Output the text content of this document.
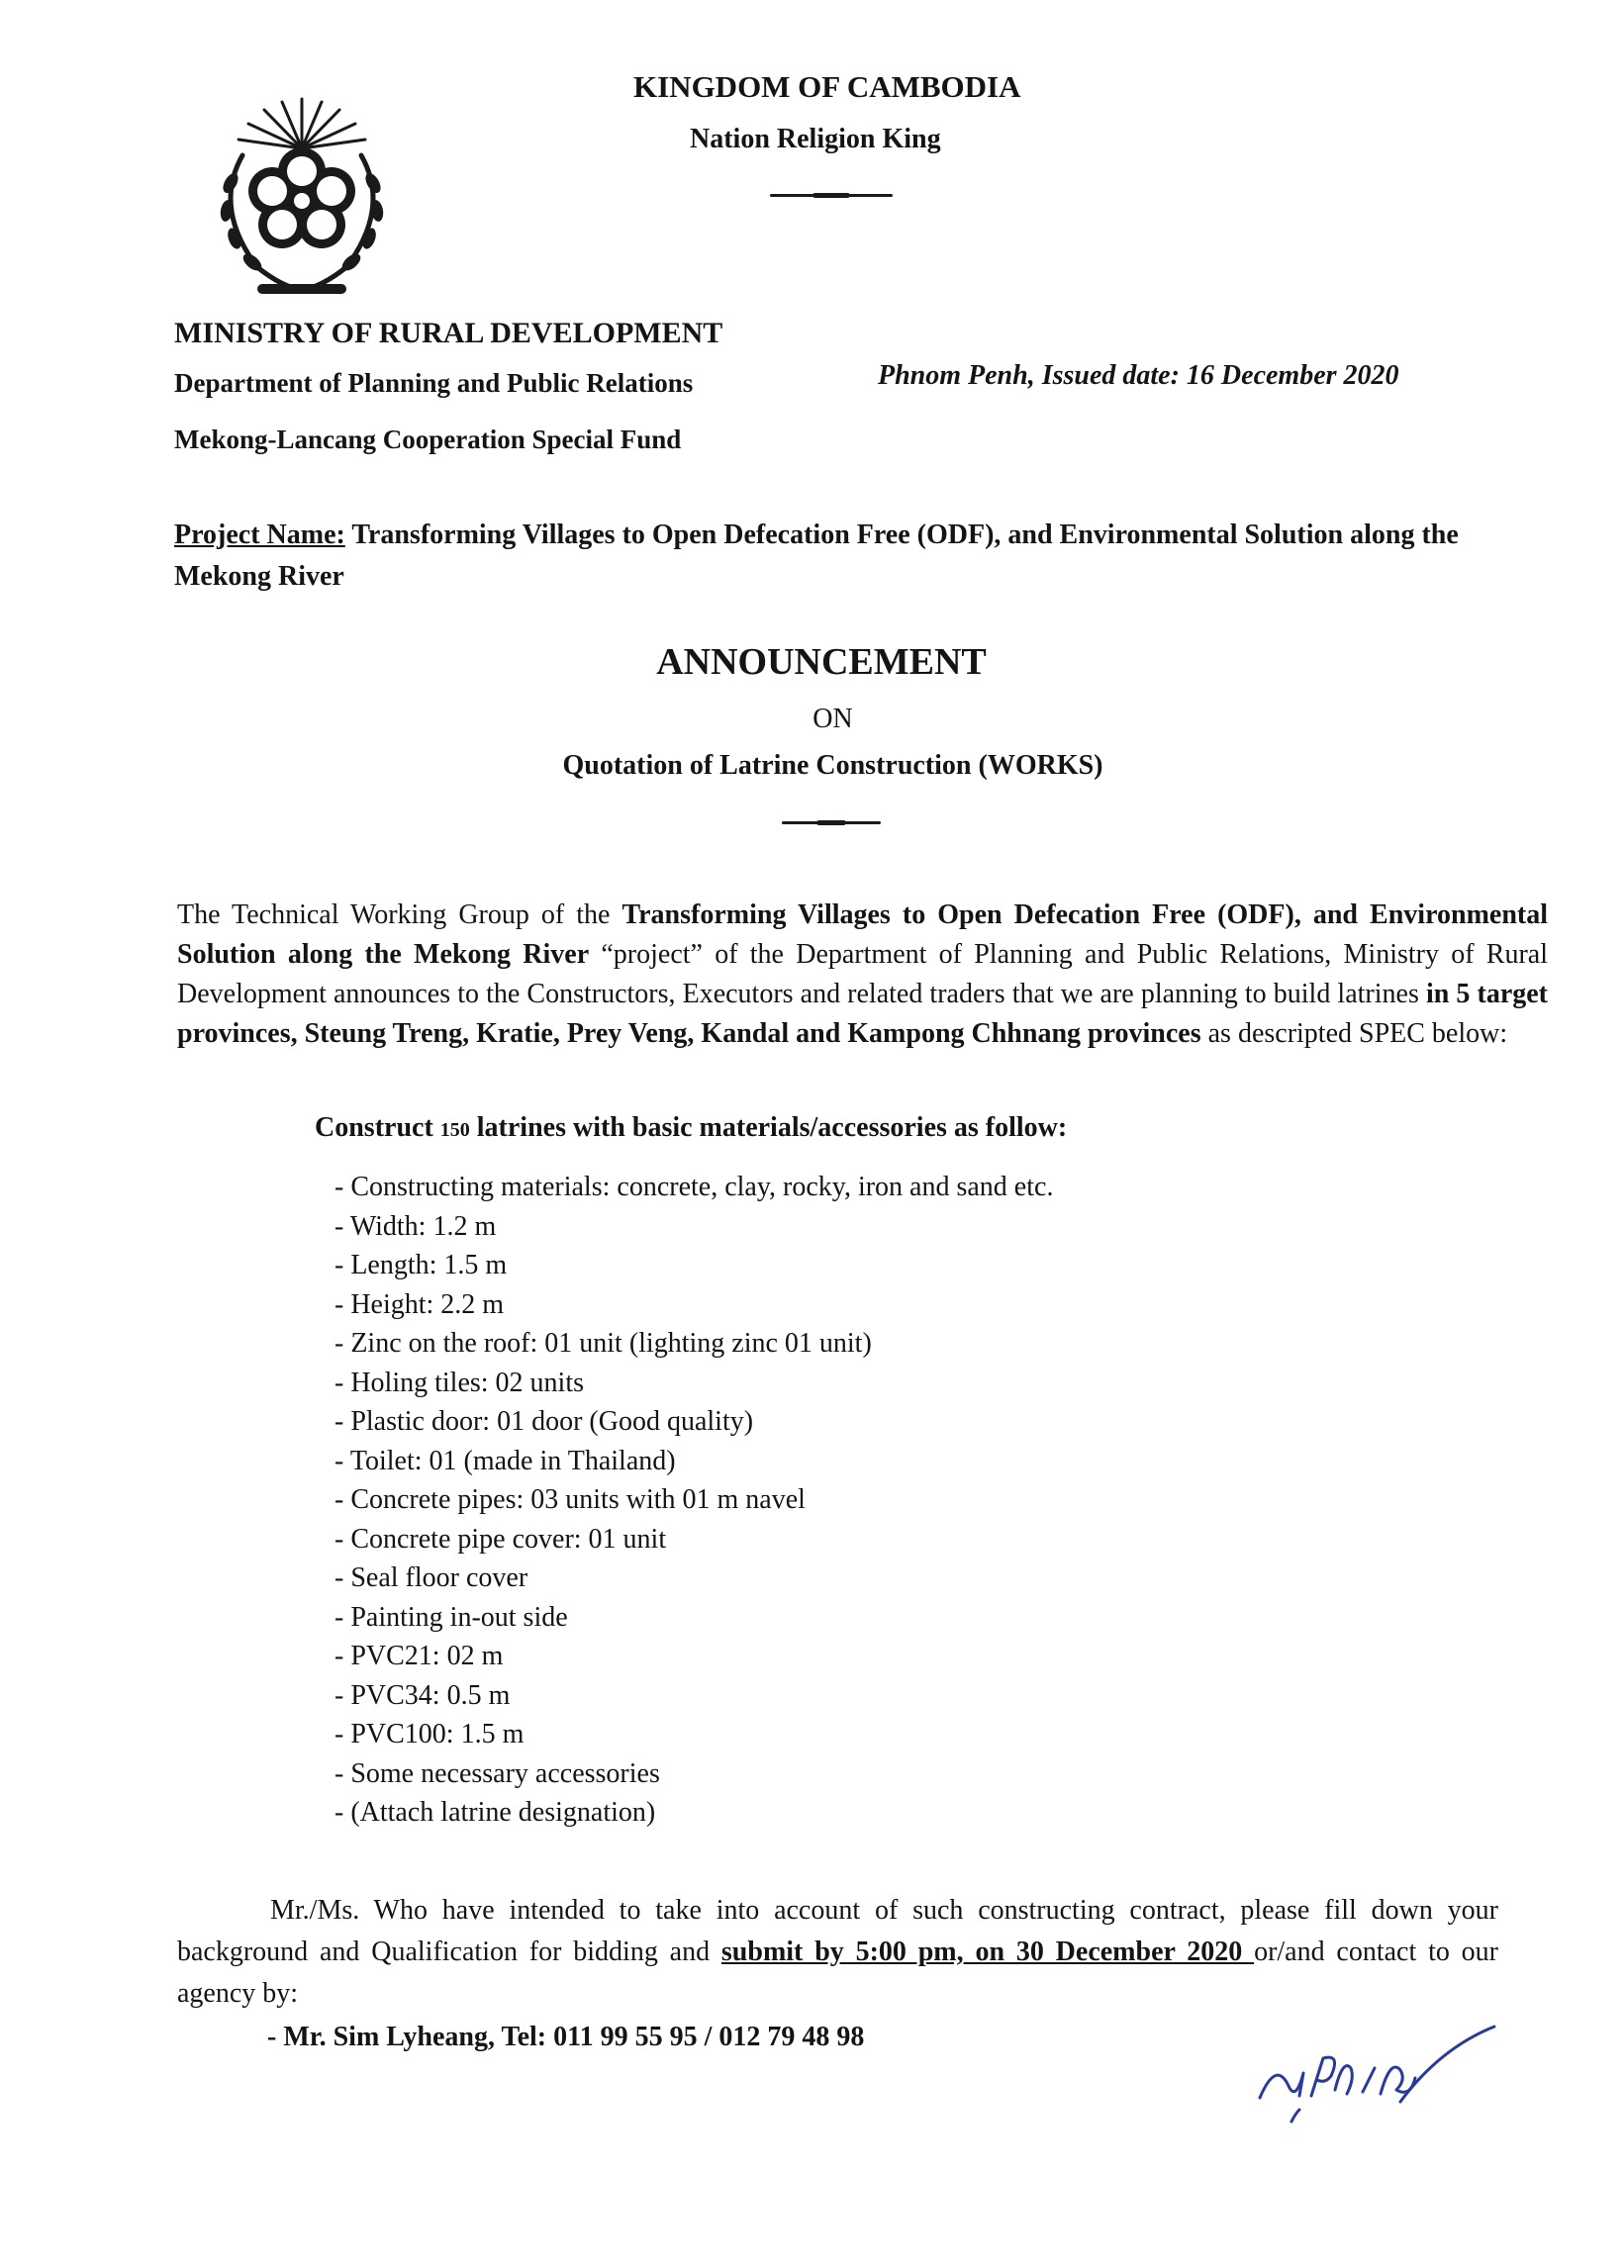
KINGDOM OF CAMBODIA
Nation Religion King
MINISTRY OF RURAL DEVELOPMENT
Department of Planning and Public Relations	Phnom Penh, Issued date: 16 December 2020
Mekong-Lancang Cooperation Special Fund
Project Name: Transforming Villages to Open Defecation Free (ODF), and Environmental Solution along the Mekong River
ANNOUNCEMENT
ON
Quotation of Latrine Construction (WORKS)
The Technical Working Group of the Transforming Villages to Open Defecation Free (ODF), and Environmental Solution along the Mekong River “project” of the Department of Planning and Public Relations, Ministry of Rural Development announces to the Constructors, Executors and related traders that we are planning to build latrines in 5 target provinces, Steung Treng, Kratie, Prey Veng, Kandal and Kampong Chhnang provinces as descripted SPEC below:
Construct 150 latrines with basic materials/accessories as follow:
- Constructing materials: concrete, clay, rocky, iron and sand etc.
- Width: 1.2 m
- Length: 1.5 m
- Height: 2.2 m
- Zinc on the roof: 01 unit (lighting zinc 01 unit)
- Holing tiles: 02 units
- Plastic door: 01 door (Good quality)
- Toilet: 01 (made in Thailand)
- Concrete pipes: 03 units with 01 m navel
- Concrete pipe cover: 01 unit
- Seal floor cover
- Painting in-out side
- PVC21: 02 m
- PVC34: 0.5 m
- PVC100: 1.5 m
- Some necessary accessories
- (Attach latrine designation)
Mr./Ms. Who have intended to take into account of such constructing contract, please fill down your background and Qualification for bidding and submit by 5:00 pm, on 30 December 2020 or/and contact to our agency by:
- Mr. Sim Lyheang, Tel: 011 99 55 95 / 012 79 48 98
